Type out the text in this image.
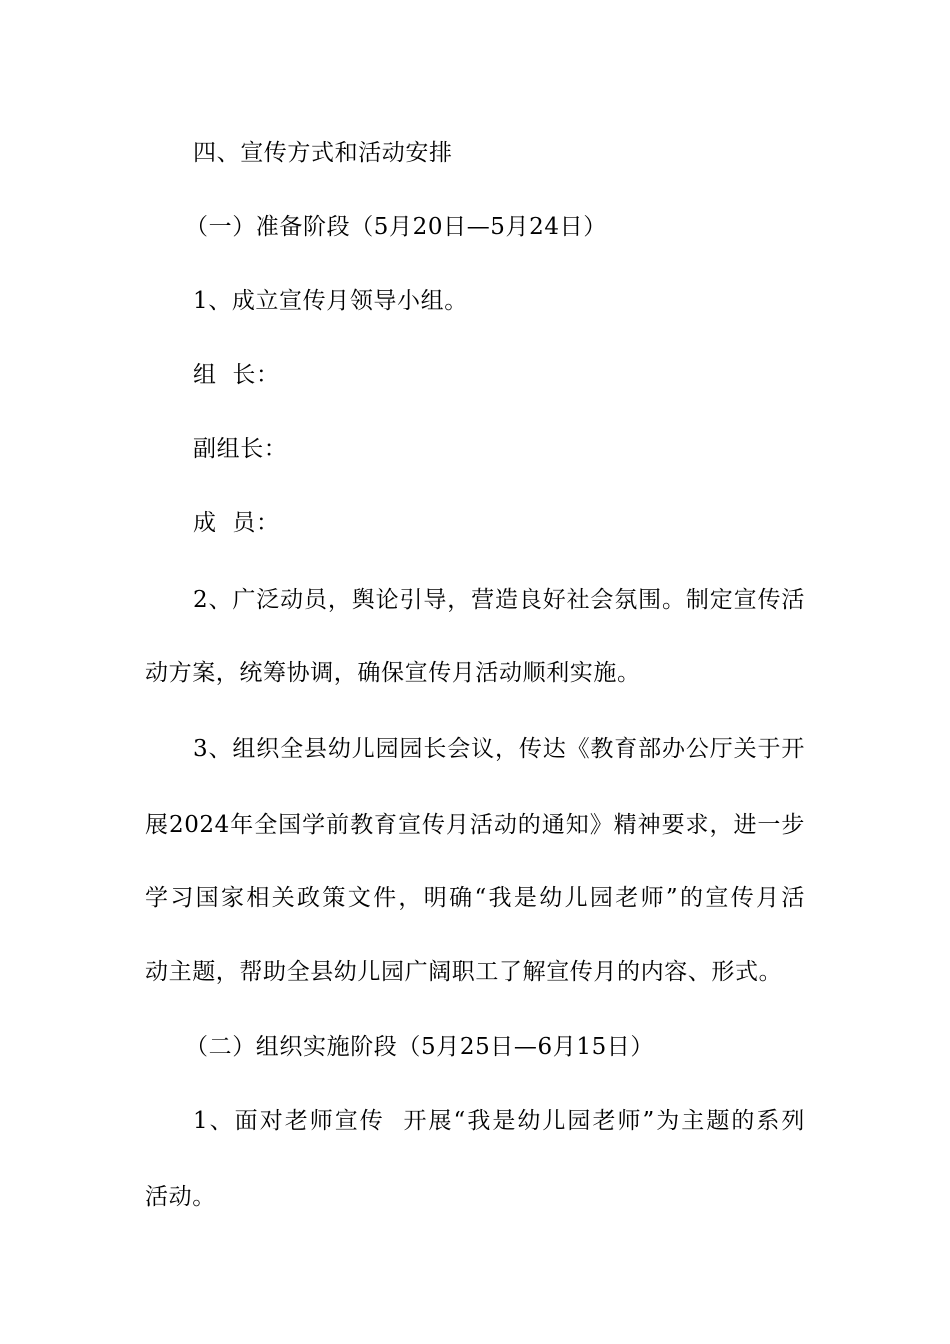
四、宣传方式和活动安排
（一）准备阶段（5月20日—5月24日）
1、成立宣传月领导小组。
组  长：
副组长：
成  员：
2、广泛动员，舆论引导，营造良好社会氛围。制定宣传活
动方案，统筹协调，确保宣传月活动顺利实施。
3、组织全县幼儿园园长会议，传达《教育部办公厅关于开
展2024年全国学前教育宣传月活动的通知》精神要求，进一步
学习国家相关政策文件，明确“我是幼儿园老师”的宣传月活
动主题，帮助全县幼儿园广阔职工了解宣传月的内容、形式。
（二）组织实施阶段（5月25日—6月15日）
1、面对老师宣传  开展“我是幼儿园老师”为主题的系列
活动。
